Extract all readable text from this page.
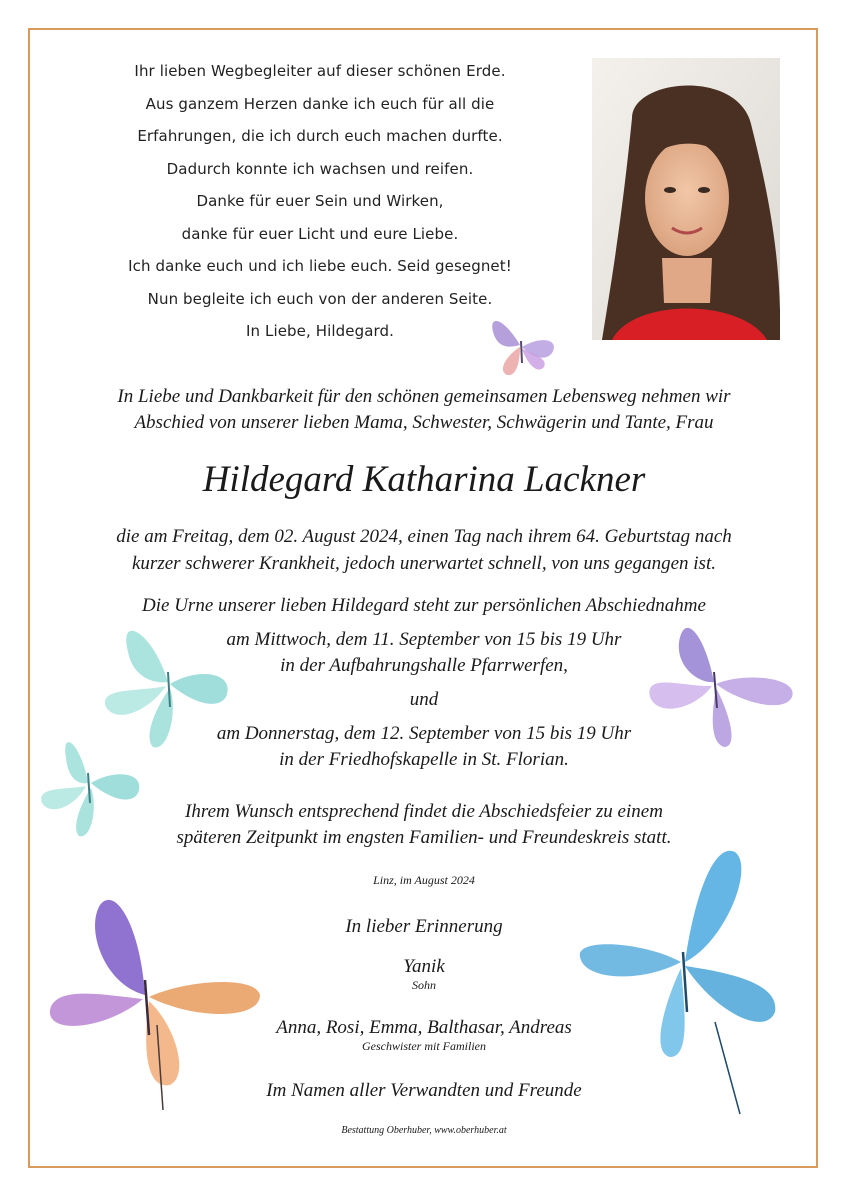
Ihr lieben Wegbegleiter auf dieser schönen Erde.
Aus ganzem Herzen danke ich euch für all die
Erfahrungen, die ich durch euch machen durfte.
Dadurch konnte ich wachsen und reifen.
Danke für euer Sein und Wirken,
danke für euer Licht und eure Liebe.
Ich danke euch und ich liebe euch. Seid gesegnet!
Nun begleite ich euch von der anderen Seite.
In Liebe, Hildegard.
In Liebe und Dankbarkeit für den schönen gemeinsamen Lebensweg nehmen wir
Abschied von unserer lieben Mama, Schwester, Schwägerin und Tante, Frau
Hildegard Katharina Lackner
die am Freitag, dem 02. August 2024, einen Tag nach ihrem 64. Geburtstag nach
kurzer schwerer Krankheit, jedoch unerwartet schnell, von uns gegangen ist.
Die Urne unserer lieben Hildegard steht zur persönlichen Abschiednahme
am Mittwoch, dem 11. September von 15 bis 19 Uhr
in der Aufbahrungshalle Pfarrwerfen,
und
am Donnerstag, dem 12. September von 15 bis 19 Uhr
in der Friedhofskapelle in St. Florian.
Ihrem Wunsch entsprechend findet die Abschiedsfeier zu einem
späteren Zeitpunkt im engsten Familien- und Freundeskreis statt.
Linz, im August 2024
In lieber Erinnerung
Yanik
Sohn
Anna, Rosi, Emma, Balthasar, Andreas
Geschwister mit Familien
Im Namen aller Verwandten und Freunde
Bestattung Oberhuber, www.oberhuber.at
